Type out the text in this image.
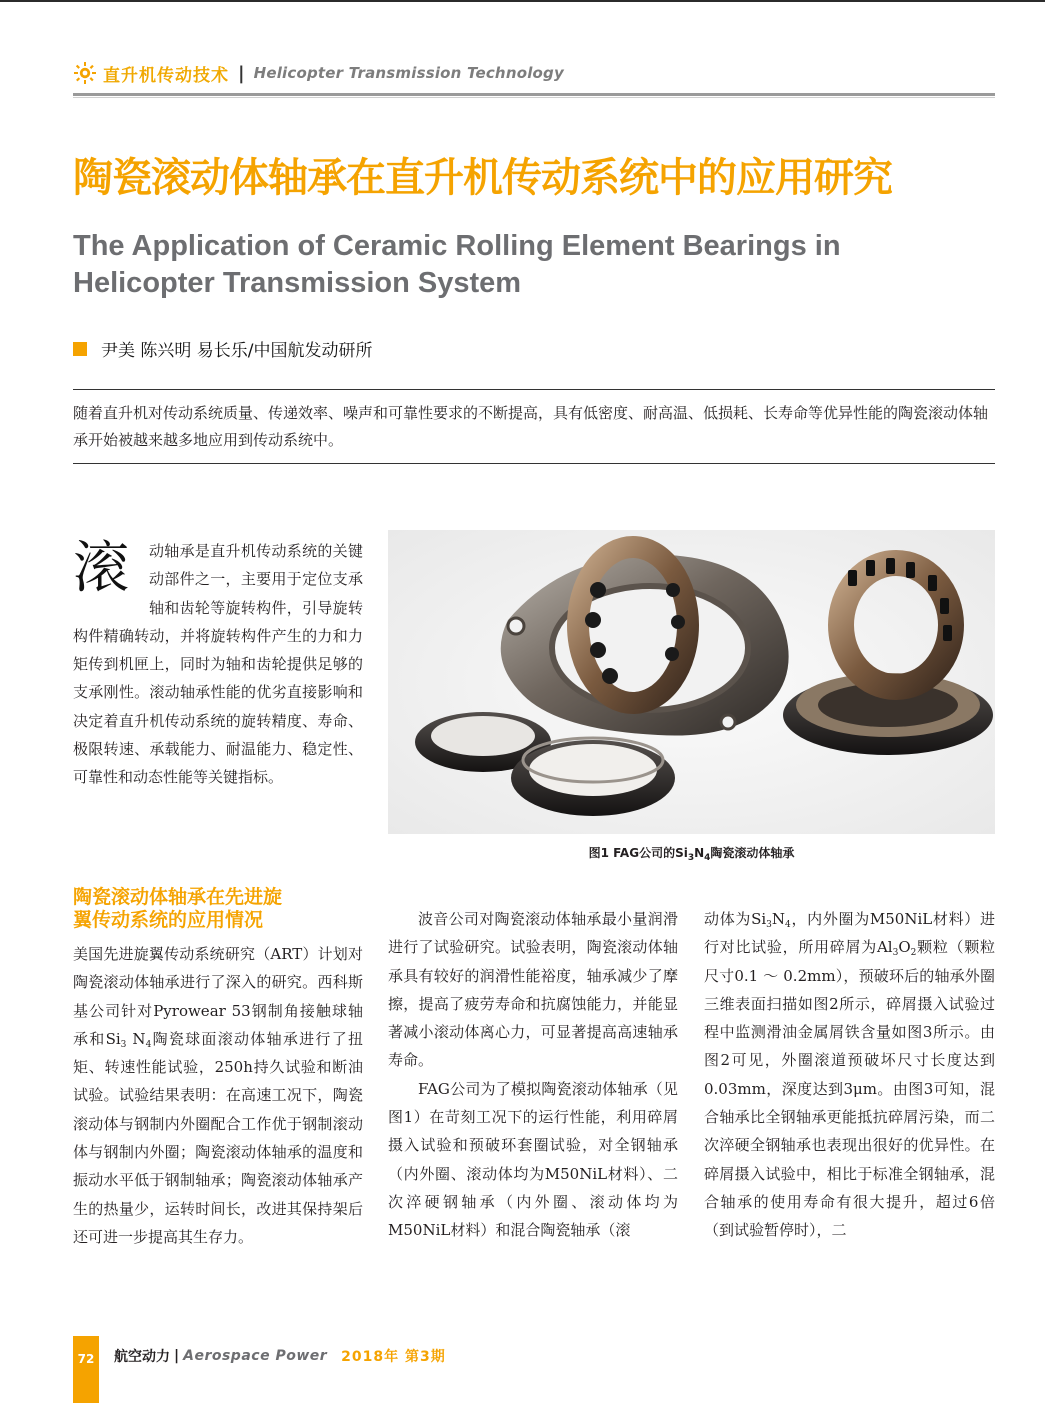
直升机传动技术 | Helicopter Transmission Technology
陶瓷滚动体轴承在直升机传动系统中的应用研究
The Application of Ceramic Rolling Element Bearings in
Helicopter Transmission System
尹美 陈兴明 易长乐/中国航发动研所

随着直升机对传动系统质量、传递效率、噪声和可靠性要求的不断提高，具有低密度、耐高温、低损耗、长寿命等优异性能的陶瓷滚动体轴承开始被越来越多地应用到传动系统中。

滚	动轴承是直升机传动系统的关键动部件之一，主要用于定位支承轴和齿轮等旋转构件，引导旋转构件精确转动，并将旋转构件产生的力和力矩传到机匣上，同时为轴和齿轮提供足够的支承刚性。滚动轴承性能的优劣直接影响和决定着直升机传动系统的旋转精度、寿命、极限转速、承载能力、耐温能力、稳定性、可靠性和动态性能等关键指标。
图1 FAG公司的$Si_3N_4$陶瓷滚动体轴承
陶瓷滚动体轴承在先进旋
翼传动系统的应用情况
美国先进旋翼传动系统研究（ART）计划对陶瓷滚动体轴承进行了深入的研究。西科斯基公司针对Pyrowear 53钢制角接触球轴承和$Si_3$ $N_4$陶瓷球面滚动体轴承进行了扭矩、转速性能试验，250h持久试验和断油试验。试验结果表明：在高速工况下，陶瓷滚动体与钢制内外圈配合工作优于钢制滚动体与钢制内外圈；陶瓷滚动体轴承的温度和振动水平低于钢制轴承；陶瓷滚动体轴承产生的热量少，运转时间长，改进其保持架后还可进一步提高其生存力。
波音公司对陶瓷滚动体轴承最小量润滑进行了试验研究。试验表明，陶瓷滚动体轴承具有较好的润滑性能裕度，轴承减少了摩擦，提高了疲劳寿命和抗腐蚀能力，并能显著减小滚动体离心力，可显著提高高速轴承寿命。
FAG公司为了模拟陶瓷滚动体轴承（见图1）在苛刻工况下的运行性能，利用碎屑摄入试验和预破环套圈试验，对全钢轴承（内外圈、滚动体均为M50NiL材料）、二次淬硬钢轴承（内外圈、滚动体均为M50NiL材料）和混合陶瓷轴承（滚
动体为$Si_3N_4$，内外圈为M50NiL材料）进行对比试验，所用碎屑为$Al_3O_2$颗粒（颗粒尺寸0.1 ～ 0.2mm），预破环后的轴承外圈三维表面扫描如图2所示，碎屑摄入试验过程中监测滑油金属屑铁含量如图3所示。由图2可见，外圈滚道预破坏尺寸长度达到0.03mm，深度达到3μm。由图3可知，混合轴承比全钢轴承更能抵抗碎屑污染，而二次淬硬全钢轴承也表现出很好的优异性。在碎屑摄入试验中，相比于标准全钢轴承，混合轴承的使用寿命有很大提升，超过6倍（到试验暂停时），二
72	航空动力 | Aerospace Power 2018年 第3期
